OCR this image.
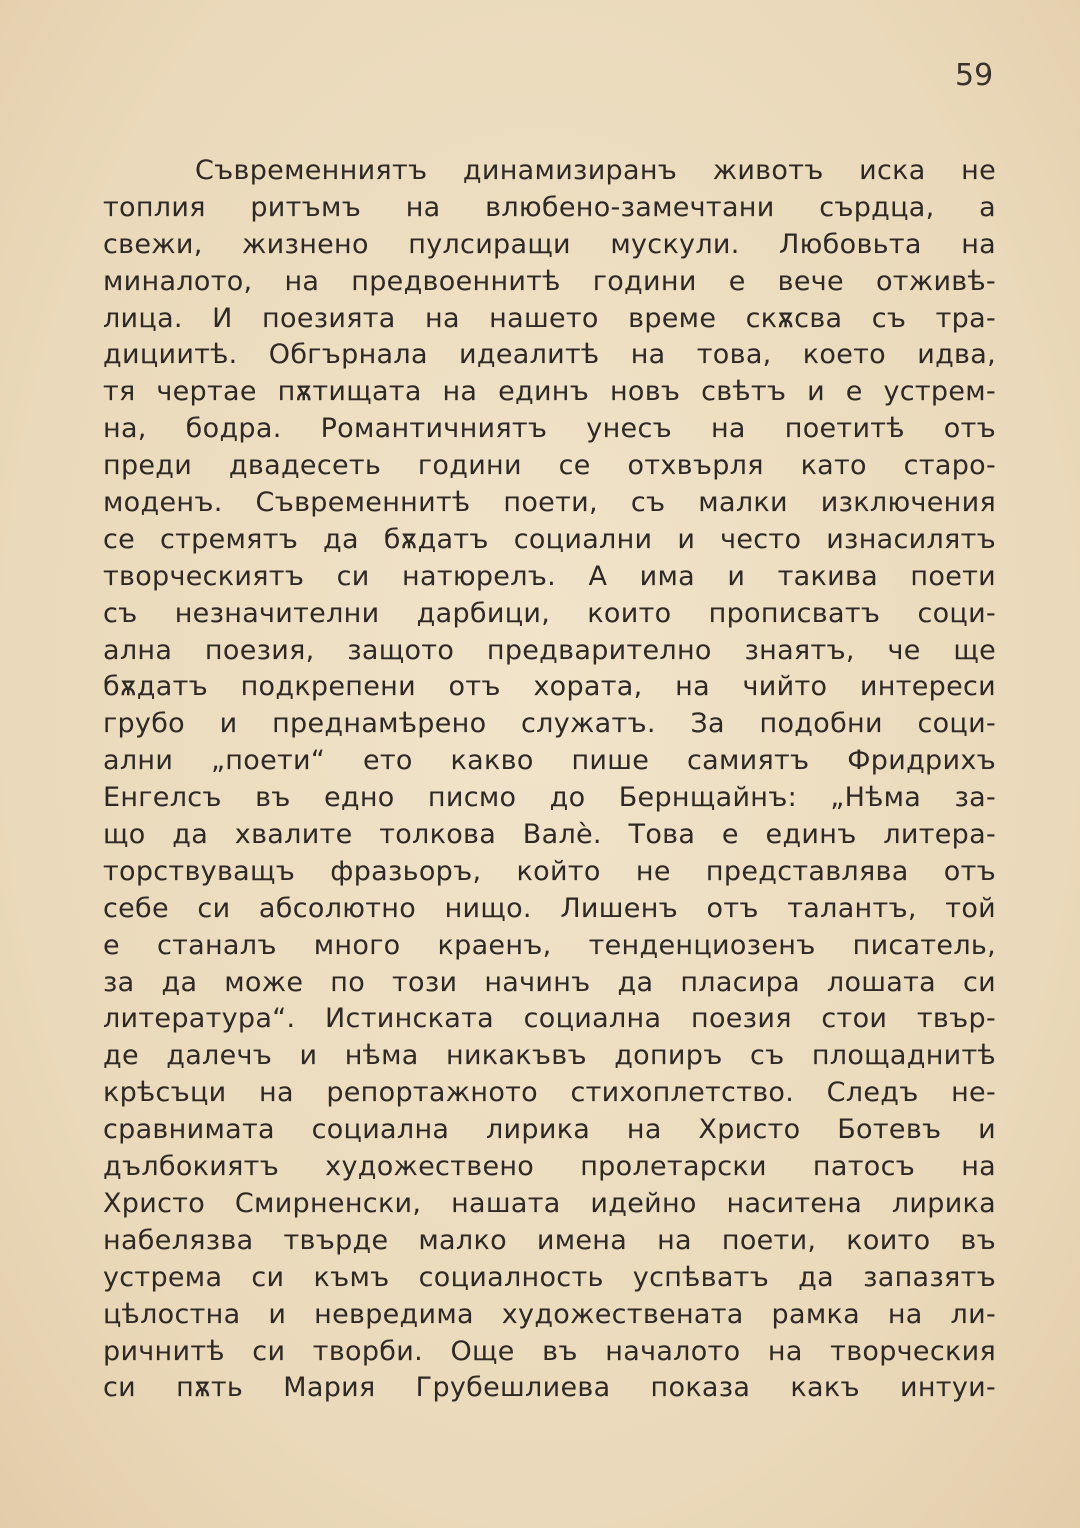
59
Съвременниятъ динамизиранъ животъ иска не
топлия ритъмъ на влюбено-замечтани сърдца, а
свежи, жизнено пулсиращи мускули. Любовьта на
миналото, на предвоеннитѣ години е вече отживѣ-
лица. И поезията на нашето време скѫсва съ тра-
дициитѣ. Обгърнала идеалитѣ на това, което идва,
тя чертае пѫтищата на единъ новъ свѣтъ и е устрем-
на, бодра. Романтичниятъ унесъ на поетитѣ отъ
преди двадесеть години се отхвърля като старо-
моденъ. Съвременнитѣ поети, съ малки изключения
се стремятъ да бѫдатъ социални и често изнасилятъ
творческиятъ си натюрелъ. А има и такива поети
съ незначителни дарбици, които прописватъ соци-
ална поезия, защото предварително знаятъ, че ще
бѫдатъ подкрепени отъ хората, на чийто интереси
грубо и преднамѣрено служатъ. За подобни соци-
ални „поети“ ето какво пише самиятъ Фридрихъ
Енгелсъ въ едно писмо до Бернщайнъ: „Нѣма за-
що да хвалите толкова Валѐ. Това е единъ литера-
торствуващъ фразьоръ, който не представлява отъ
себе си абсолютно нищо. Лишенъ отъ талантъ, той
е станалъ много краенъ, тенденциозенъ писатель,
за да може по този начинъ да пласира лошата си
литература“. Истинската социална поезия стои твър-
де далечъ и нѣма никакъвъ допиръ съ площаднитѣ
крѣсъци на репортажното стихоплетство. Следъ не-
сравнимата социална лирика на Христо Ботевъ и
дълбокиятъ художествено пролетарски патосъ на
Христо Смирненски, нашата идейно наситена лирика
набелязва твърде малко имена на поети, които въ
устрема си къмъ социалность успѣватъ да запазятъ
цѣлостна и невредима художествената рамка на ли-
ричнитѣ си творби. Още въ началото на творческия
си пѫть Мария Грубешлиева показа какъ интуи-
